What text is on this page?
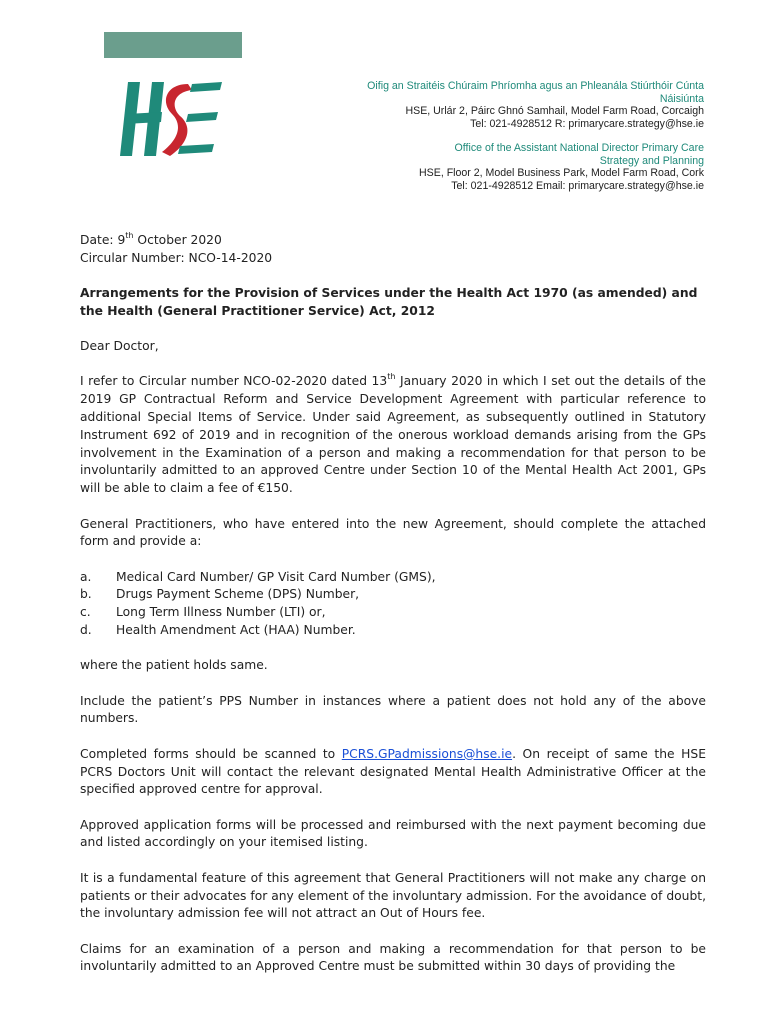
Oifig an Straitéis Chúraim Phríomha agus an Phleanála Stiúrthóir Cúnta
Náisiúnta
HSE, Urlár 2, Páirc Ghnó Samhail, Model Farm Road, Corcaigh
Tel: 021-4928512 R: primarycare.strategy@hse.ie
Office of the Assistant National Director Primary Care
Strategy and Planning
HSE, Floor 2, Model Business Park, Model Farm Road, Cork
Tel: 021-4928512 Email: primarycare.strategy@hse.ie

Date: 9th October 2020

Circular Number: NCO-14-2020

Arrangements for the Provision of Services under the Health Act 1970 (as amended) and the Health (General Practitioner Service) Act, 2012

Dear Doctor,

I refer to Circular number NCO-02-2020 dated 13th January 2020 in which I set out the details of the 2019 GP Contractual Reform and Service Development Agreement with particular reference to additional Special Items of Service. Under said Agreement, as subsequently outlined in Statutory Instrument 692 of 2019 and in recognition of the onerous workload demands arising from the GPs involvement in the Examination of a person and making a recommendation for that person to be involuntarily admitted to an approved Centre under Section 10 of the Mental Health Act 2001, GPs will be able to claim a fee of €150.

General Practitioners, who have entered into the new Agreement, should complete the attached form and provide a:

a.	Medical Card Number/ GP Visit Card Number (GMS),
b.	Drugs Payment Scheme (DPS) Number,
c.	Long Term Illness Number (LTI) or,
d.	Health Amendment Act (HAA) Number.

where the patient holds same.

Include the patient’s PPS Number in instances where a patient does not hold any of the above numbers.

Completed forms should be scanned to PCRS.GPadmissions@hse.ie. On receipt of same the HSE PCRS Doctors Unit will contact the relevant designated Mental Health Administrative Officer at the specified approved centre for approval.

Approved application forms will be processed and reimbursed with the next payment becoming due and listed accordingly on your itemised listing.

It is a fundamental feature of this agreement that General Practitioners will not make any charge on patients or their advocates for any element of the involuntary admission. For the avoidance of doubt, the involuntary admission fee will not attract an Out of Hours fee.

Claims for an examination of a person and making a recommendation for that person to be involuntarily admitted to an Approved Centre must be submitted within 30 days of providing the
